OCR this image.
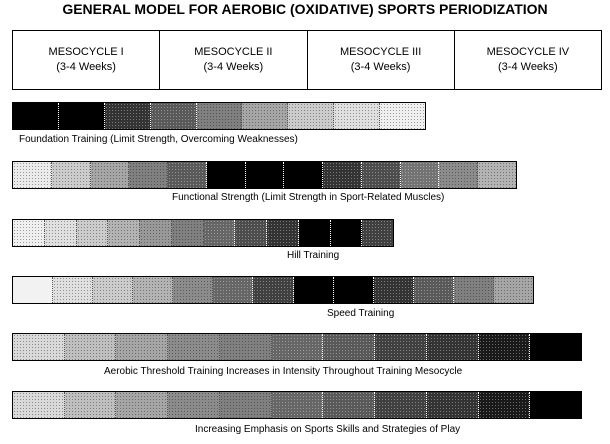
GENERAL MODEL FOR AEROBIC (OXIDATIVE) SPORTS PERIODIZATION
MESOCYCLE I
(3-4 Weeks)
MESOCYCLE II
(3-4 Weeks)
MESOCYCLE III
(3-4 Weeks)
MESOCYCLE IV
(3-4 Weeks)
Foundation Training (Limit Strength, Overcoming Weaknesses)
Functional Strength (Limit Strength in Sport-Related Muscles)
Hill Training
Speed Training
Aerobic Threshold Training Increases in Intensity Throughout Training Mesocycle
Increasing Emphasis on Sports Skills and Strategies of Play
